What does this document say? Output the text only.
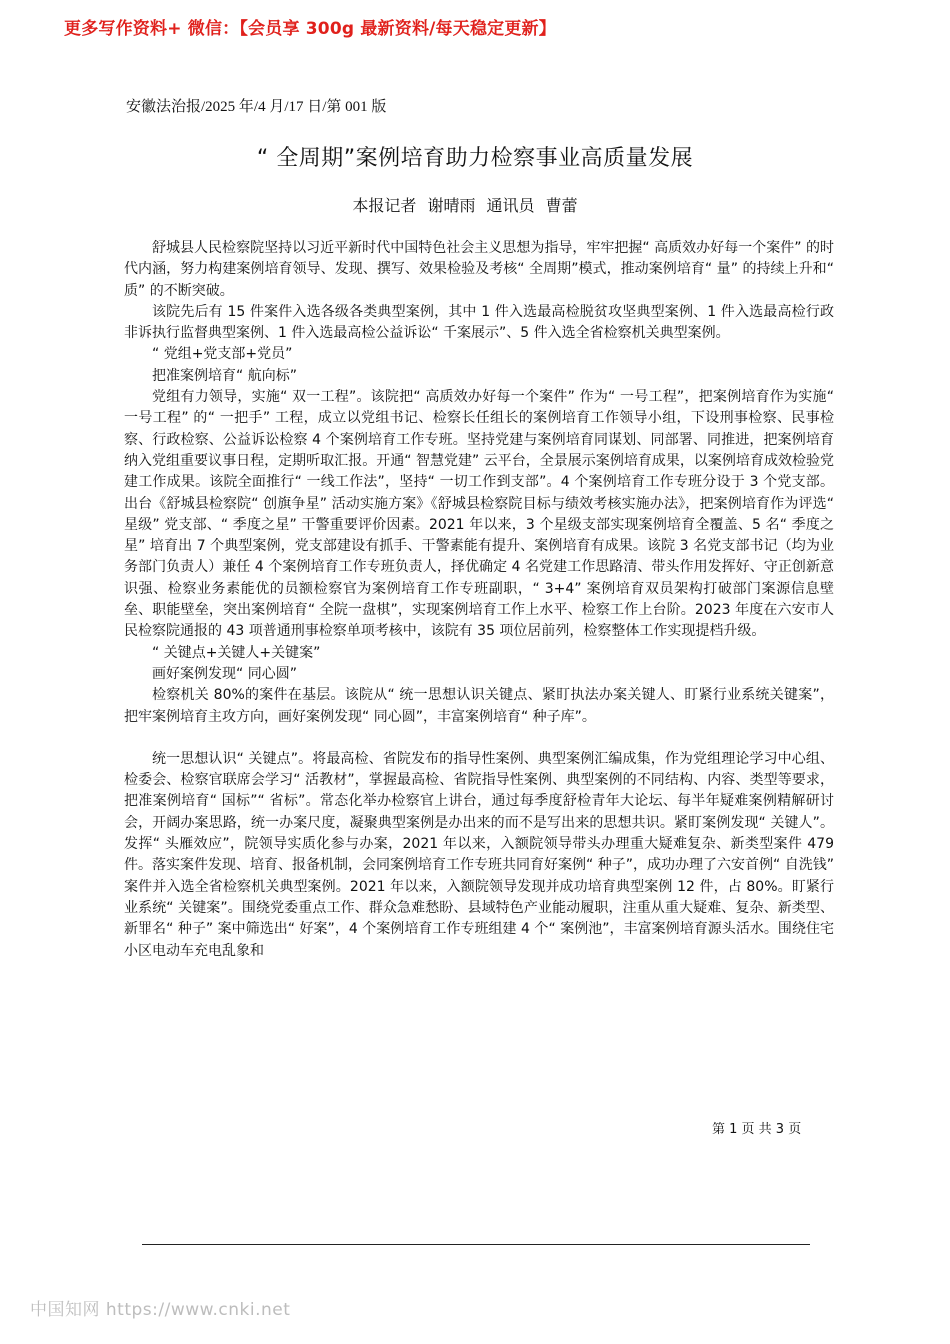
更多写作资料+ 微信：【会员享 300g 最新资料/每天稳定更新】
安徽法治报/2025 年/4 月/17 日/第 001 版
“ 全周期”案例培育助力检察事业高质量发展
本报记者 谢晴雨 通讯员 曹蕾

舒城县人民检察院坚持以习近平新时代中国特色社会主义思想为指导，牢牢把握“ 高质效办好每一个案件” 的时代内涵，努力构建案例培育领导、发现、撰写、效果检验及考核“ 全周期”模式，推动案例培育“ 量” 的持续上升和“ 质” 的不断突破。

该院先后有 15 件案件入选各级各类典型案例，其中 1 件入选最高检脱贫攻坚典型案例、1 件入选最高检行政非诉执行监督典型案例、1 件入选最高检公益诉讼“ 千案展示”、5 件入选全省检察机关典型案例。

“ 党组+党支部+党员”

把准案例培育“ 航向标”

党组有力领导，实施“ 双一工程”。该院把“ 高质效办好每一个案件” 作为“ 一号工程”，把案例培育作为实施“ 一号工程” 的“ 一把手” 工程，成立以党组书记、检察长任组长的案例培育工作领导小组，下设刑事检察、民事检察、行政检察、公益诉讼检察 4 个案例培育工作专班。坚持党建与案例培育同谋划、同部署、同推进，把案例培育纳入党组重要议事日程，定期听取汇报。开通“ 智慧党建” 云平台，全景展示案例培育成果，以案例培育成效检验党建工作成果。该院全面推行“ 一线工作法”，坚持“ 一切工作到支部”。4 个案例培育工作专班分设于 3 个党支部。出台《舒城县检察院“ 创旗争星” 活动实施方案》《舒城县检察院目标与绩效考核实施办法》，把案例培育作为评选“ 星级” 党支部、“ 季度之星” 干警重要评价因素。2021 年以来，3 个星级支部实现案例培育全覆盖、5 名“ 季度之星” 培育出 7 个典型案例，党支部建设有抓手、干警素能有提升、案例培育有成果。该院 3 名党支部书记（均为业务部门负责人）兼任 4 个案例培育工作专班负责人，择优确定 4 名党建工作思路清、带头作用发挥好、守正创新意识强、检察业务素能优的员额检察官为案例培育工作专班副职，“ 3+4” 案例培育双员架构打破部门案源信息壁垒、职能壁垒，突出案例培育“ 全院一盘棋”，实现案例培育工作上水平、检察工作上台阶。2023 年度在六安市人民检察院通报的 43 项普通刑事检察单项考核中，该院有 35 项位居前列，检察整体工作实现提档升级。

“ 关键点+关键人+关键案”

画好案例发现“ 同心圆”

检察机关 80%的案件在基层。该院从“ 统一思想认识关键点、紧盯执法办案关键人、盯紧行业系统关键案”，把牢案例培育主攻方向，画好案例发现“ 同心圆”，丰富案例培育“ 种子库”。

统一思想认识“ 关键点”。将最高检、省院发布的指导性案例、典型案例汇编成集，作为党组理论学习中心组、检委会、检察官联席会学习“ 活教材”，掌握最高检、省院指导性案例、典型案例的不同结构、内容、类型等要求，把准案例培育“ 国标”“ 省标”。常态化举办检察官上讲台，通过每季度舒检青年大论坛、每半年疑难案例精解研讨会，开阔办案思路，统一办案尺度，凝聚典型案例是办出来的而不是写出来的思想共识。紧盯案例发现“ 关键人”。发挥“ 头雁效应”，院领导实质化参与办案，2021 年以来，入额院领导带头办理重大疑难复杂、新类型案件 479 件。落实案件发现、培育、报备机制，会同案例培育工作专班共同育好案例“ 种子”，成功办理了六安首例“ 自洗钱” 案件并入选全省检察机关典型案例。2021 年以来，入额院领导发现并成功培育典型案例 12 件，占 80%。盯紧行业系统“ 关键案”。围绕党委重点工作、群众急难愁盼、县域特色产业能动履职，注重从重大疑难、复杂、新类型、新罪名“ 种子” 案中筛选出“ 好案”，4 个案例培育工作专班组建 4 个“ 案例池”，丰富案例培育源头活水。围绕住宅小区电动车充电乱象和

第 1 页 共 3 页
中国知网 https://www.cnki.net
